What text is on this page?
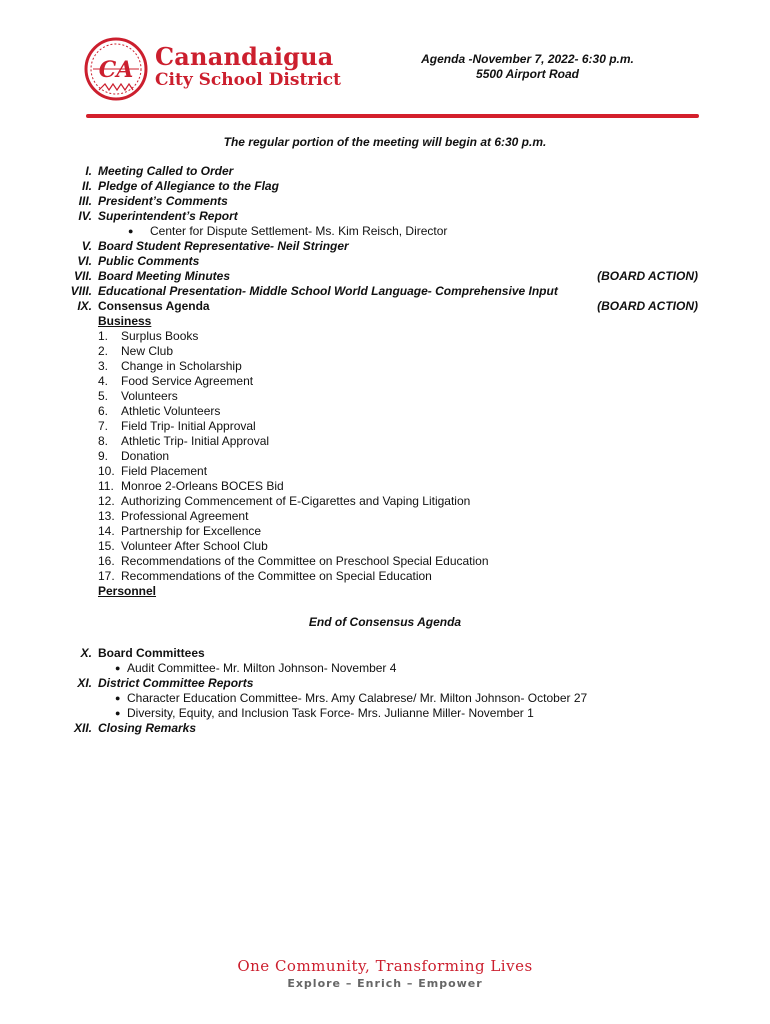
CA Canandaigua
City School District
Agenda -November 7, 2022- 6:30 p.m.
5500 Airport Road
The regular portion of the meeting will begin at 6:30 p.m.
I. Meeting Called to Order
II. Pledge of Allegiance to the Flag
III. President’s Comments
IV. Superintendent’s Report
● Center for Dispute Settlement- Ms. Kim Reisch, Director
V. Board Student Representative- Neil Stringer
VI. Public Comments
VII. Board Meeting Minutes	(BOARD ACTION)
VIII. Educational Presentation- Middle School World Language- Comprehensive Input
IX. Consensus Agenda	(BOARD ACTION)
Business
1. Surplus Books
2. New Club
3. Change in Scholarship
4. Food Service Agreement
5. Volunteers
6. Athletic Volunteers
7. Field Trip- Initial Approval
8. Athletic Trip- Initial Approval
9. Donation
10. Field Placement
11. Monroe 2-Orleans BOCES Bid
12. Authorizing Commencement of E-Cigarettes and Vaping Litigation
13. Professional Agreement
14. Partnership for Excellence
15. Volunteer After School Club
16. Recommendations of the Committee on Preschool Special Education
17. Recommendations of the Committee on Special Education
Personnel
End of Consensus Agenda
X. Board Committees
● Audit Committee- Mr. Milton Johnson- November 4
XI. District Committee Reports
● Character Education Committee- Mrs. Amy Calabrese/ Mr. Milton Johnson- October 27
● Diversity, Equity, and Inclusion Task Force- Mrs. Julianne Miller- November 1
XII. Closing Remarks
One Community, Transforming Lives
Explore – Enrich – Empower
